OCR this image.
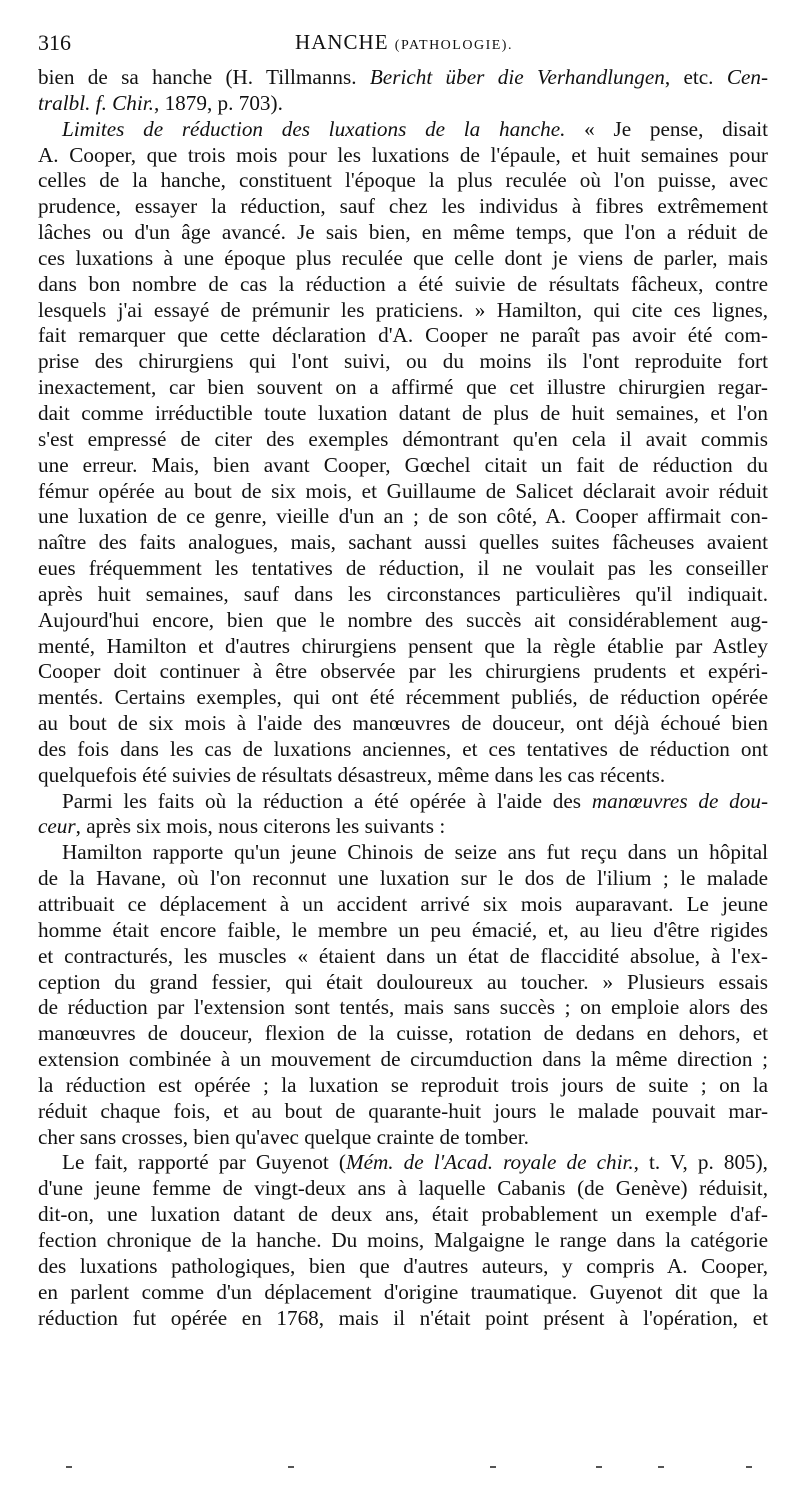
316	HANCHE (PATHOLOGIE).
bien de sa hanche (H. Tillmanns. Bericht über die Verhandlungen, etc. Cen-
tralbl. f. Chir., 1879, p. 703).
Limites de réduction des luxations de la hanche. « Je pense, disait
A. Cooper, que trois mois pour les luxations de l'épaule, et huit semaines pour
celles de la hanche, constituent l'époque la plus reculée où l'on puisse, avec
prudence, essayer la réduction, sauf chez les individus à fibres extrêmement
lâches ou d'un âge avancé. Je sais bien, en même temps, que l'on a réduit de
ces luxations à une époque plus reculée que celle dont je viens de parler, mais
dans bon nombre de cas la réduction a été suivie de résultats fâcheux, contre
lesquels j'ai essayé de prémunir les praticiens. » Hamilton, qui cite ces lignes,
fait remarquer que cette déclaration d'A. Cooper ne paraît pas avoir été com-
prise des chirurgiens qui l'ont suivi, ou du moins ils l'ont reproduite fort
inexactement, car bien souvent on a affirmé que cet illustre chirurgien regar-
dait comme irréductible toute luxation datant de plus de huit semaines, et l'on
s'est empressé de citer des exemples démontrant qu'en cela il avait commis
une erreur. Mais, bien avant Cooper, Gœchel citait un fait de réduction du
fémur opérée au bout de six mois, et Guillaume de Salicet déclarait avoir réduit
une luxation de ce genre, vieille d'un an ; de son côté, A. Cooper affirmait con-
naître des faits analogues, mais, sachant aussi quelles suites fâcheuses avaient
eues fréquemment les tentatives de réduction, il ne voulait pas les conseiller
après huit semaines, sauf dans les circonstances particulières qu'il indiquait.
Aujourd'hui encore, bien que le nombre des succès ait considérablement aug-
menté, Hamilton et d'autres chirurgiens pensent que la règle établie par Astley
Cooper doit continuer à être observée par les chirurgiens prudents et expéri-
mentés. Certains exemples, qui ont été récemment publiés, de réduction opérée
au bout de six mois à l'aide des manœuvres de douceur, ont déjà échoué bien
des fois dans les cas de luxations anciennes, et ces tentatives de réduction ont
quelquefois été suivies de résultats désastreux, même dans les cas récents.
Parmi les faits où la réduction a été opérée à l'aide des manœuvres de dou-
ceur, après six mois, nous citerons les suivants :
Hamilton rapporte qu'un jeune Chinois de seize ans fut reçu dans un hôpital
de la Havane, où l'on reconnut une luxation sur le dos de l'ilium ; le malade
attribuait ce déplacement à un accident arrivé six mois auparavant. Le jeune
homme était encore faible, le membre un peu émacié, et, au lieu d'être rigides
et contracturés, les muscles « étaient dans un état de flaccidité absolue, à l'ex-
ception du grand fessier, qui était douloureux au toucher. » Plusieurs essais
de réduction par l'extension sont tentés, mais sans succès ; on emploie alors des
manœuvres de douceur, flexion de la cuisse, rotation de dedans en dehors, et
extension combinée à un mouvement de circumduction dans la même direction ;
la réduction est opérée ; la luxation se reproduit trois jours de suite ; on la
réduit chaque fois, et au bout de quarante-huit jours le malade pouvait mar-
cher sans crosses, bien qu'avec quelque crainte de tomber.
Le fait, rapporté par Guyenot (Mém. de l'Acad. royale de chir., t. V, p. 805),
d'une jeune femme de vingt-deux ans à laquelle Cabanis (de Genève) réduisit,
dit-on, une luxation datant de deux ans, était probablement un exemple d'af-
fection chronique de la hanche. Du moins, Malgaigne le range dans la catégorie
des luxations pathologiques, bien que d'autres auteurs, y compris A. Cooper,
en parlent comme d'un déplacement d'origine traumatique. Guyenot dit que la
réduction fut opérée en 1768, mais il n'était point présent à l'opération, et
